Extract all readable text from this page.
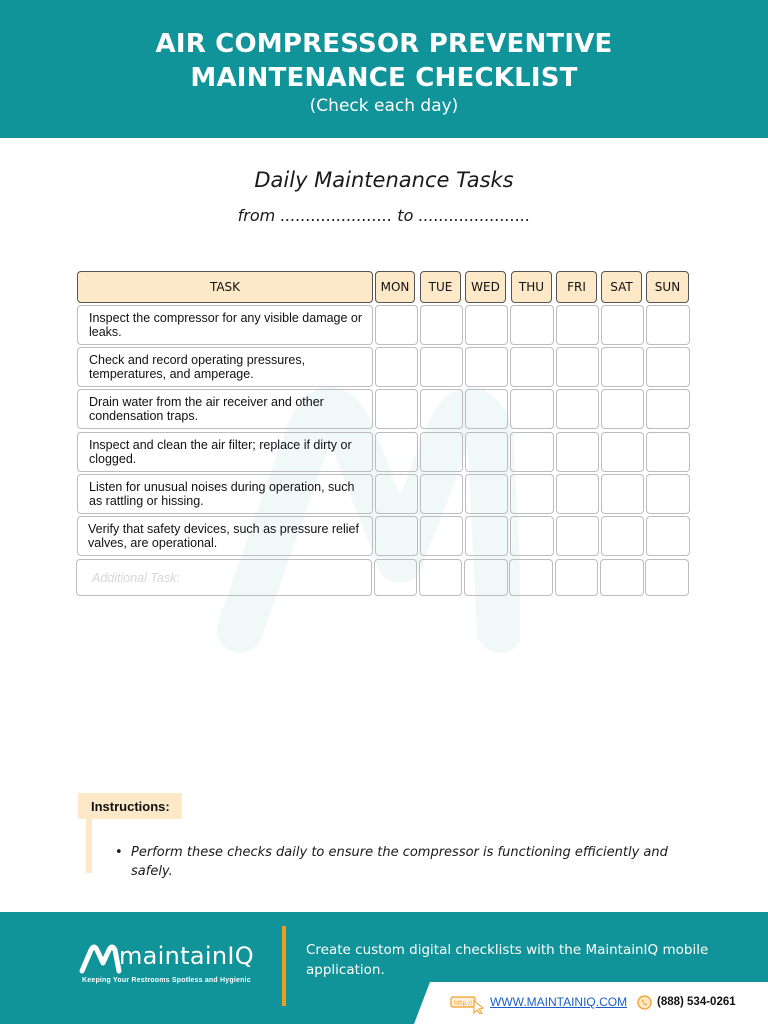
AIR COMPRESSOR PREVENTIVE
MAINTENANCE CHECKLIST
(Check each day)
Daily Maintenance Tasks
from ...................... to ......................
TASK	MON	TUE	WED	THU	FRI	SAT	SUN
Inspect the compressor for any visible damage or leaks.
Check and record operating pressures, temperatures, and amperage.
Drain water from the air receiver and other condensation traps.
Inspect and clean the air filter; replace if dirty or clogged.
Listen for unusual noises during operation, such as rattling or hissing.
Verify that safety devices, such as pressure relief valves, are operational.
Additional Task:
Instructions:
• Perform these checks daily to ensure the compressor is functioning efficiently and safely.
maintainIQ
Keeping Your Restrooms Spotless and Hygienic
Create custom digital checklists with the MaintainIQ mobile application.
http:// WWW.MAINTAINIQ.COM	(888) 534-0261
